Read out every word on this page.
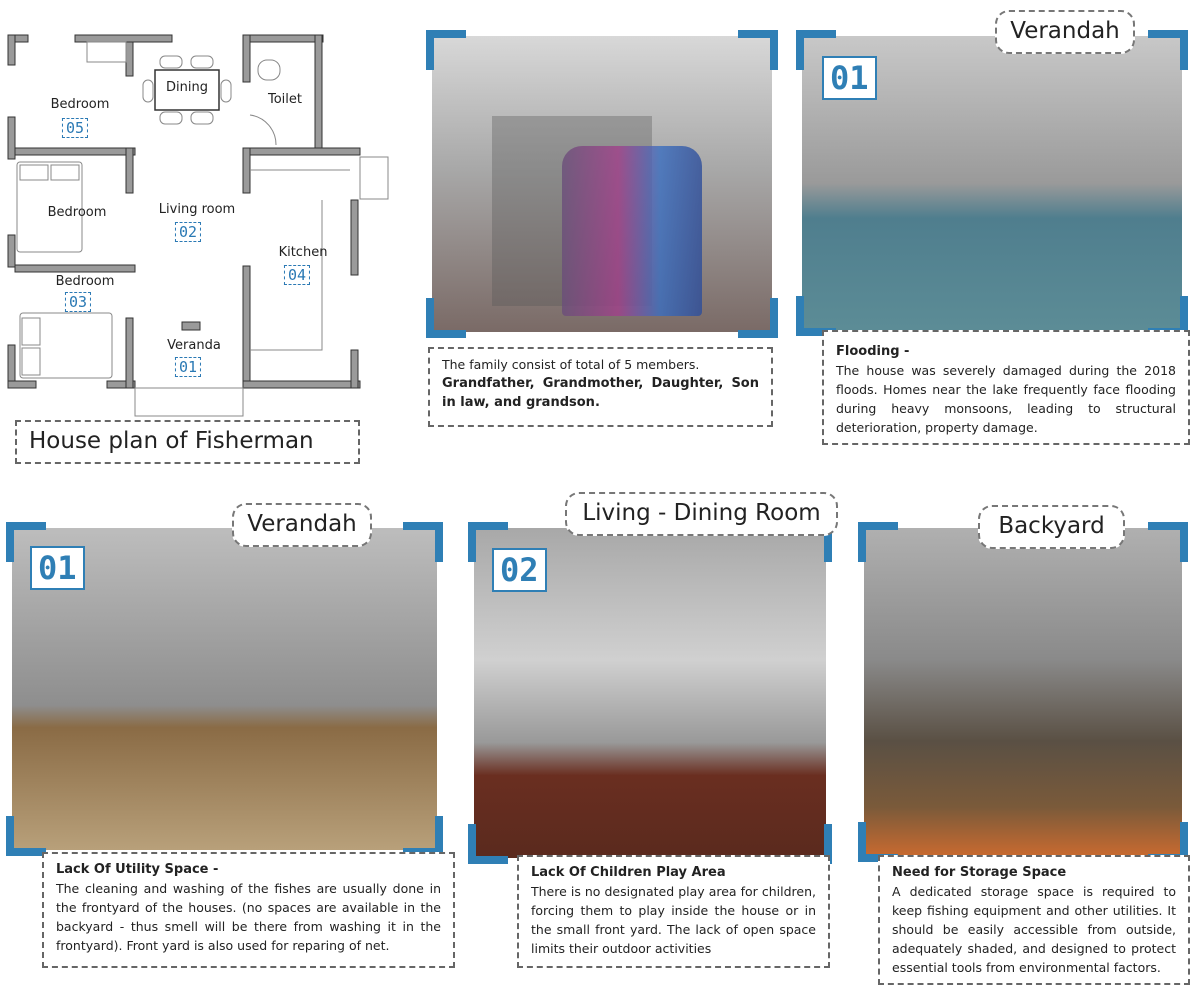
Dining
Toilet
Bedroom
05
Bedroom	Living room
02
Kitchen
04
Bedroom
03
Veranda
01
House plan of Fisherman
The family consist of total of 5 members.
Grandfather, Grandmother, Daughter, Son in law, and grandson.
Verandah
01
Flooding -
The house was severely damaged during the 2018 floods. Homes near the lake frequently face flooding during heavy monsoons, leading to structural deterioration, property damage.
Verandah
01
Lack Of Utility Space -
The cleaning and washing of the fishes are usually done in the frontyard of the houses. (no spaces are available in the backyard - thus smell will be there from washing it in the frontyard). Front yard is also used for reparing of net.
Living - Dining Room
02
Lack Of Children Play Area
There is no designated play area for children, forcing them to play inside the house or in the small front yard. The lack of open space limits their outdoor activities
Backyard
Need for Storage Space
A dedicated storage space is required to keep fishing equipment and other utilities. It should be easily accessible from outside, adequately shaded, and designed to protect essential tools from environmental factors.
